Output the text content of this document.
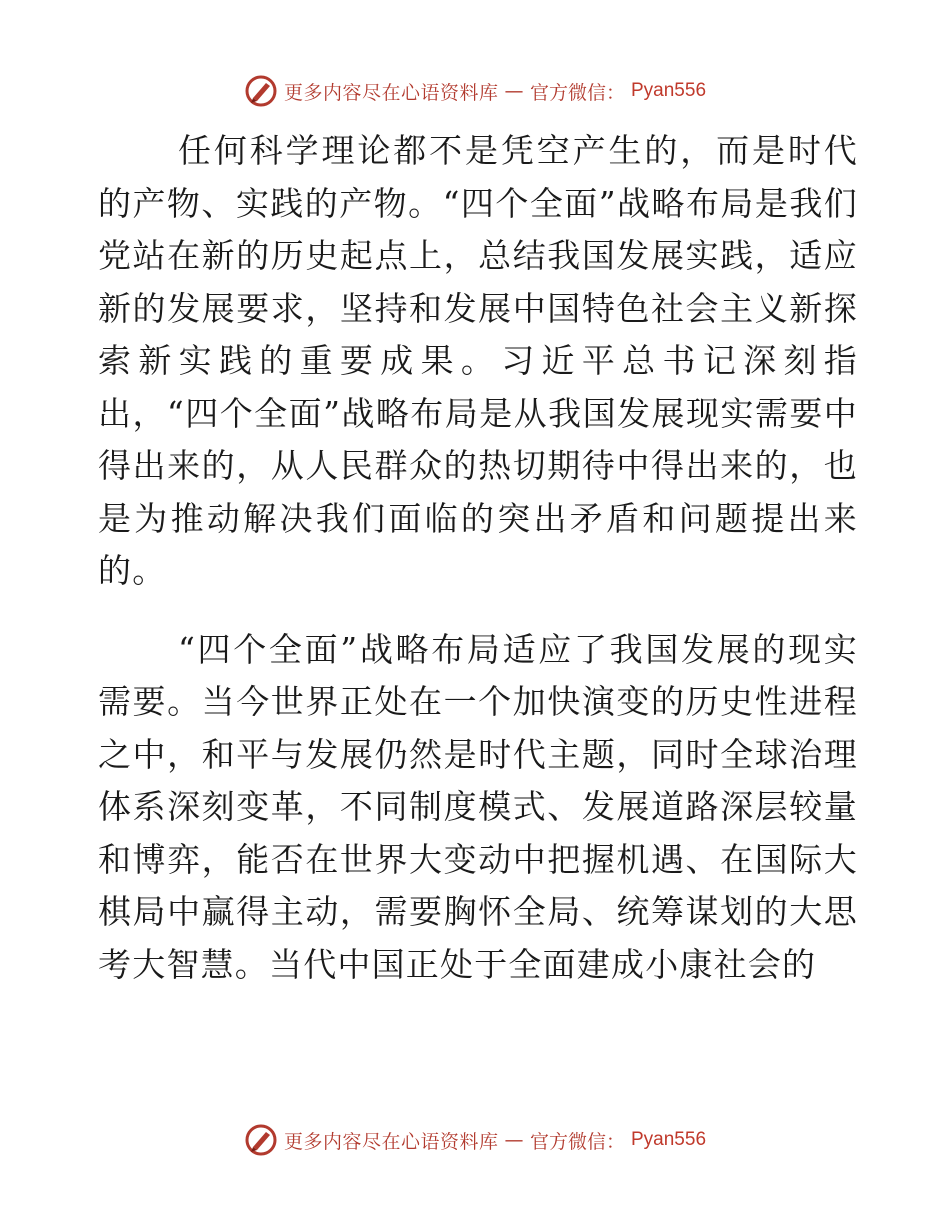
更多内容尽在心语资料库 — 官方微信： Pyan556

任何科学理论都不是凭空产生的，而是时代的产物、实践的产物。“四个全面”战略布局是我们党站在新的历史起点上，总结我国发展实践，适应新的发展要求，坚持和发展中国特色社会主义新探索新实践的重要成果。习近平总书记深刻指出，“四个全面”战略布局是从我国发展现实需要中得出来的，从人民群众的热切期待中得出来的，也是为推动解决我们面临的突出矛盾和问题提出来的。

“四个全面”战略布局适应了我国发展的现实需要。当今世界正处在一个加快演变的历史性进程之中，和平与发展仍然是时代主题，同时全球治理体系深刻变革，不同制度模式、发展道路深层较量和博弈，能否在世界大变动中把握机遇、在国际大棋局中赢得主动，需要胸怀全局、统筹谋划的大思考大智慧。当代中国正处于全面建成小康社会的

更多内容尽在心语资料库 — 官方微信： Pyan556
